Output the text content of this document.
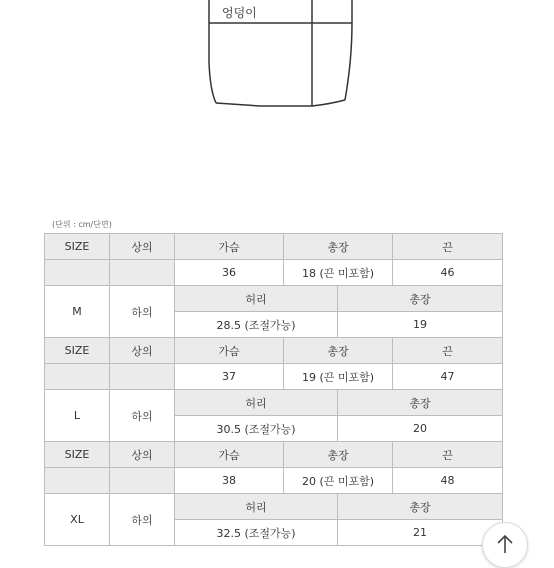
엉덩이
(단위 : cm/단면)
SIZE	상의	가슴	총장		끈
		36	18 (끈 미포함)		46
M	하의	허리		총장	
		28.5 (조절가능)		19	
SIZE	상의	가슴	총장		끈
		37	19 (끈 미포함)		47
L	하의	허리		총장	
		30.5 (조절가능)		20	
SIZE	상의	가슴	총장		끈
		38	20 (끈 미포함)		48
XL	하의	허리		총장	
		32.5 (조절가능)		21	
